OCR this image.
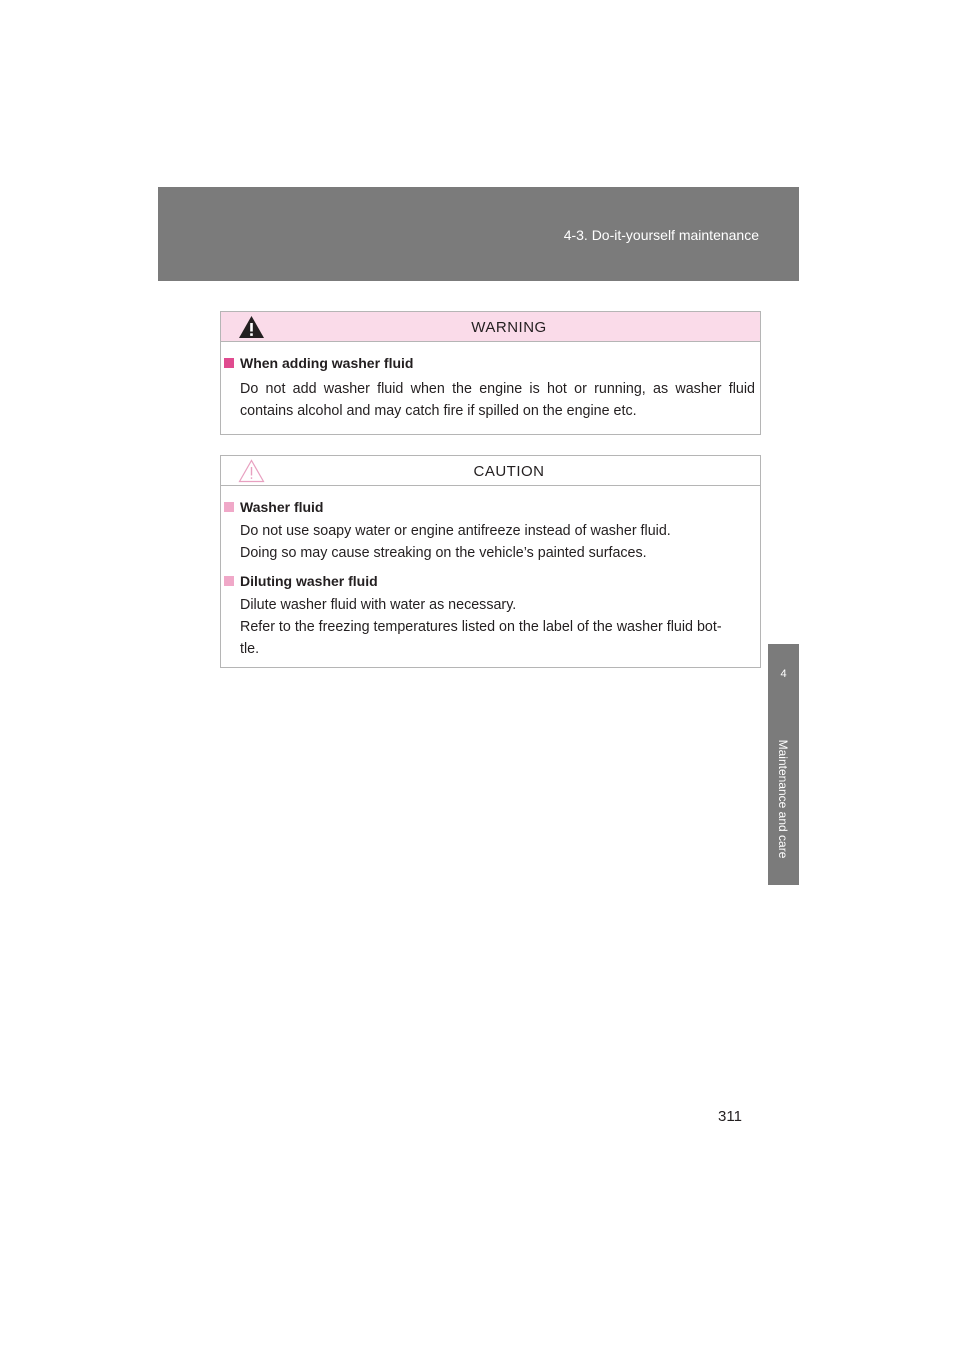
4-3. Do-it-yourself maintenance
4
Maintenance and care
WARNING
When adding washer fluid
Do not add washer fluid when the engine is hot or running, as washer fluid contains alcohol and may catch fire if spilled on the engine etc.
CAUTION
Washer fluid
Do not use soapy water or engine antifreeze instead of washer fluid.
Doing so may cause streaking on the vehicle’s painted surfaces.
Diluting washer fluid
Dilute washer fluid with water as necessary.
Refer to the freezing temperatures listed on the label of the washer fluid bot-
tle.
311
